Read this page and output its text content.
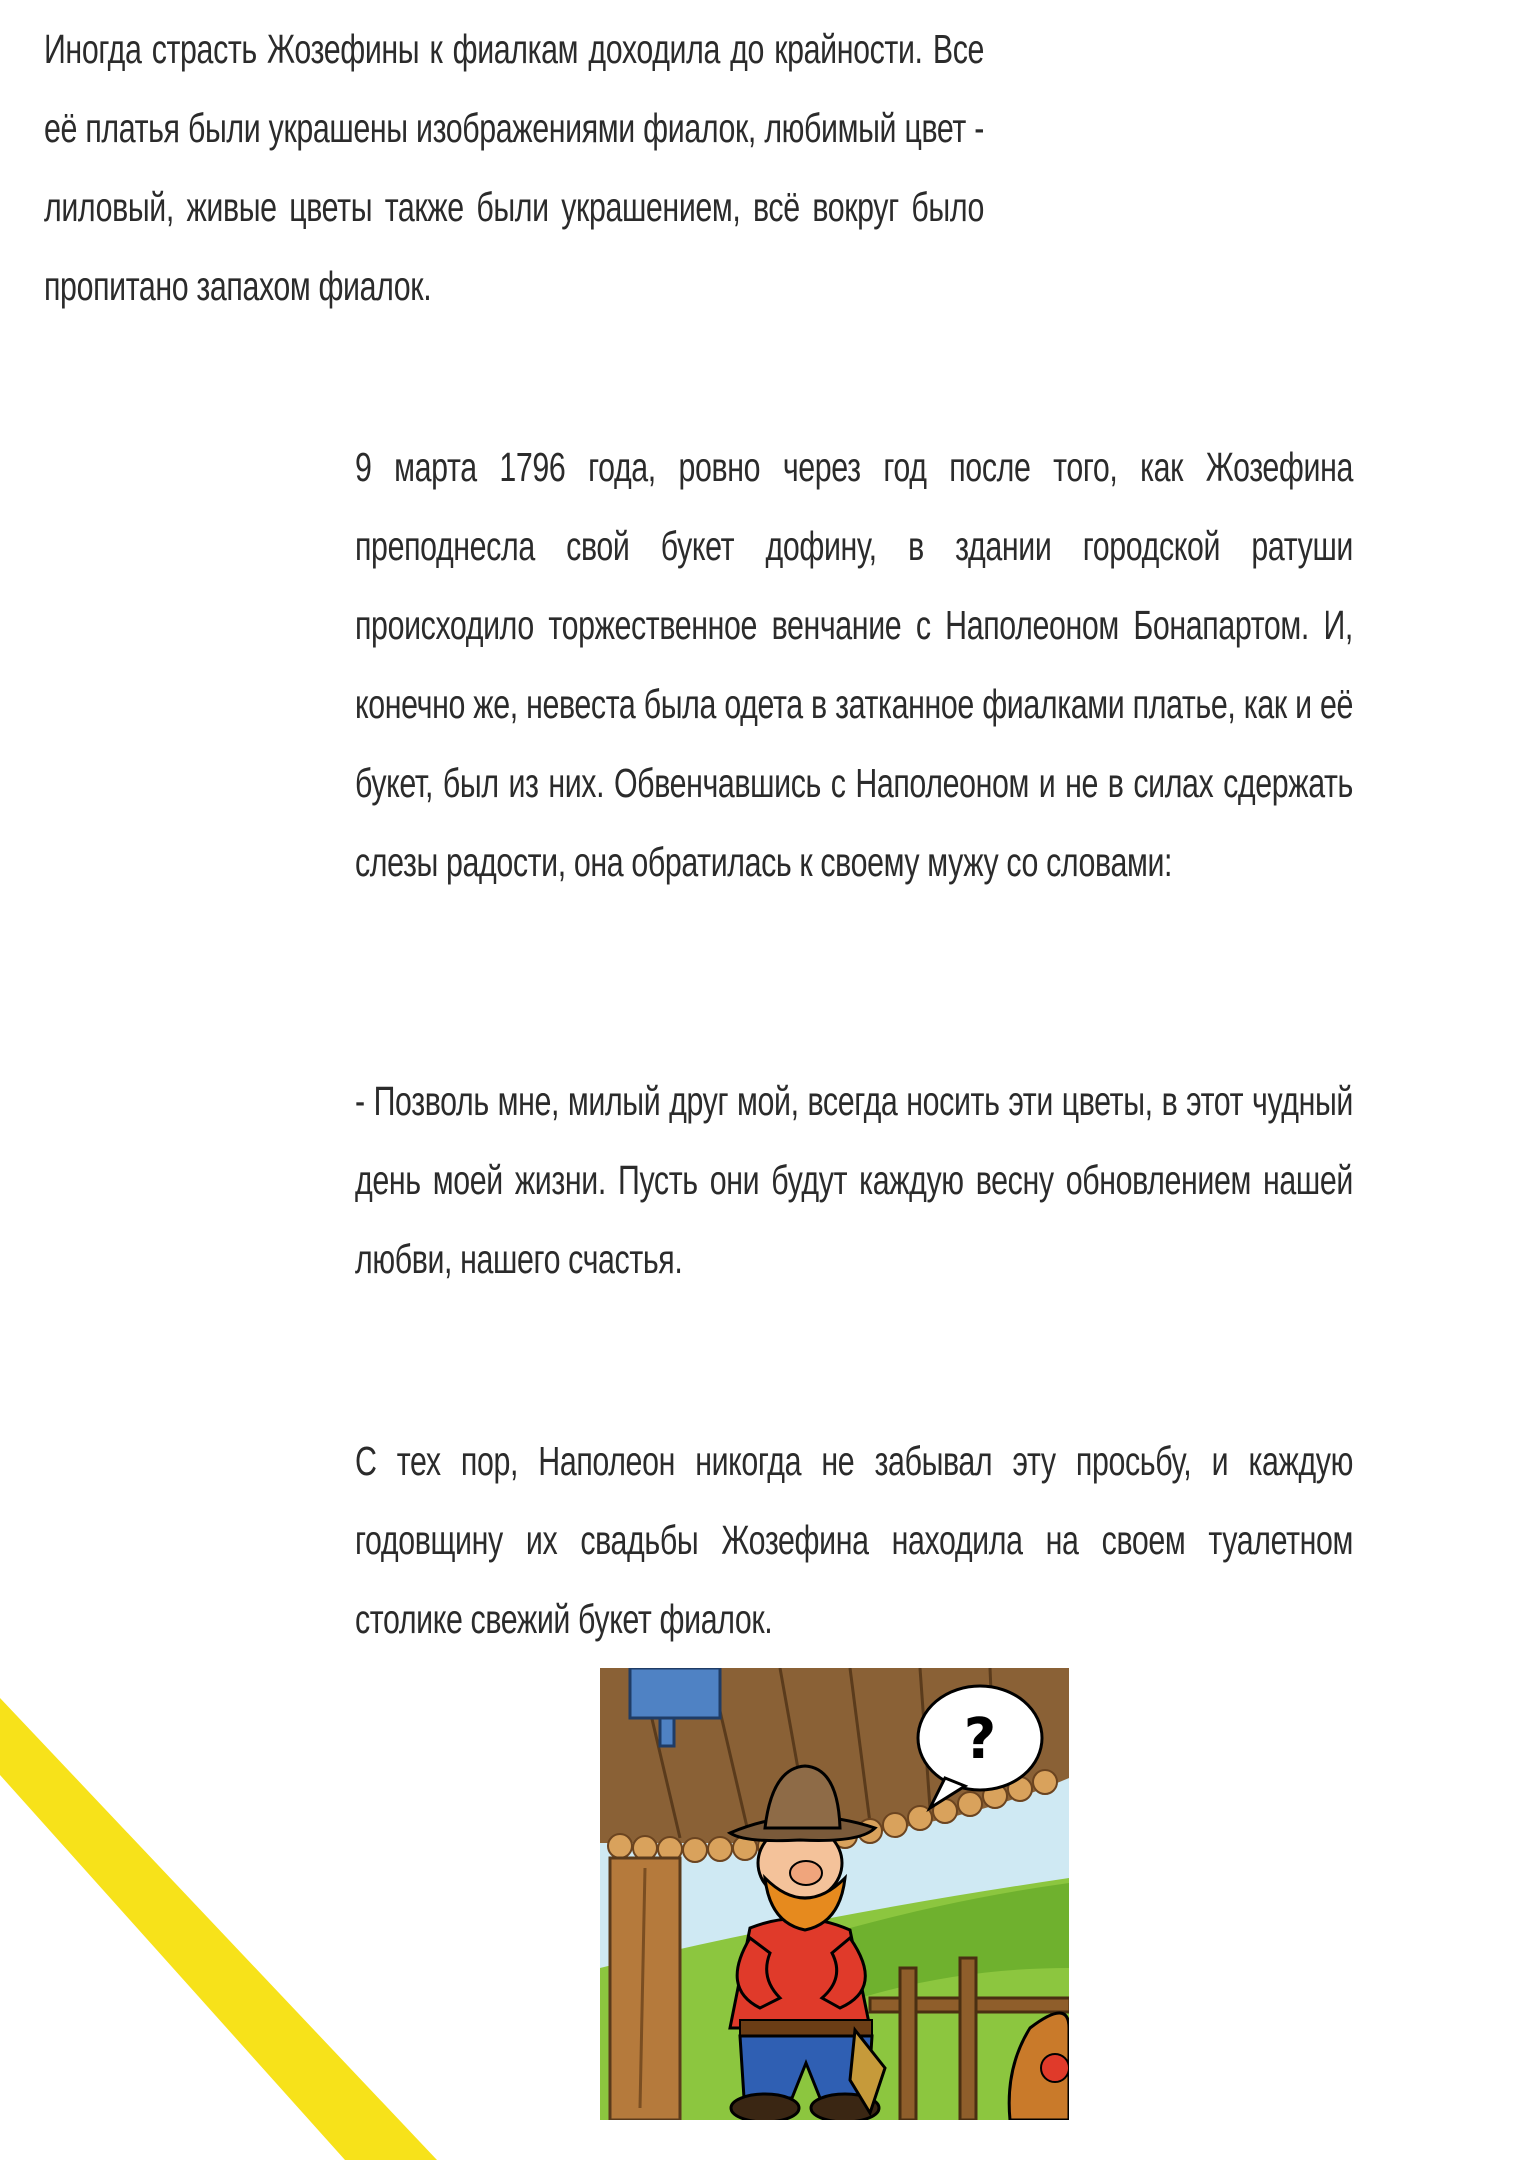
Иногда страсть Жозефины к фиалкам доходила до крайности. Все её платья были украшены изображениями фиалок, любимый цвет - лиловый, живые цветы также были украшением, всё вокруг было пропитано запахом фиалок.

9 марта 1796 года, ровно через год после того, как Жозефина преподнесла свой букет дофину, в здании городской ратуши происходило торжественное венчание с Наполеоном Бонапартом. И, конечно же, невеста была одета в затканное фиалками платье, как и её букет, был из них. Обвенчавшись с Наполеоном и не в силах сдержать слезы радости, она обратилась к своему мужу со словами:

- Позволь мне, милый друг мой, всегда носить эти цветы, в этот чудный день моей жизни. Пусть они будут каждую весну обновлением нашей любви, нашего счастья.

С тех пор, Наполеон никогда не забывал эту просьбу, и каждую годовщину их свадьбы Жозефина находила на своем туалетном столике свежий букет фиалок.

?
